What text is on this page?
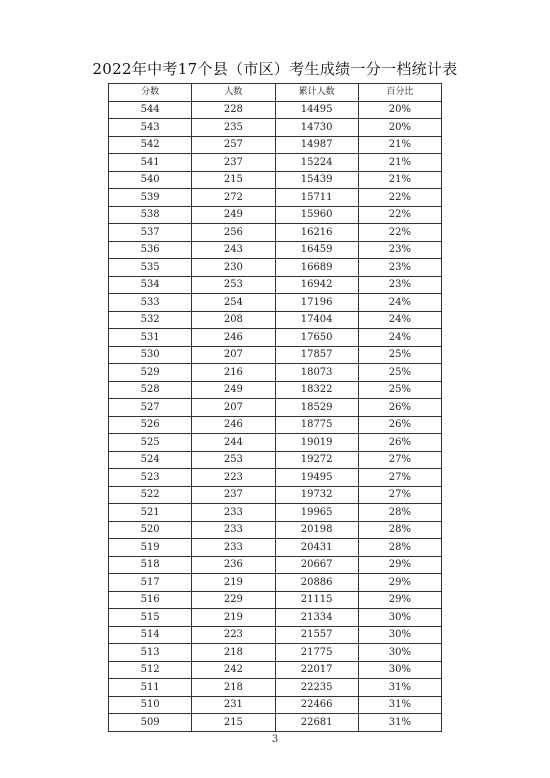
2022年中考17个县（市区）考生成绩一分一档统计表
分数	人数	累计人数	百分比
544	228	14495	20%
543	235	14730	20%
542	257	14987	21%
541	237	15224	21%
540	215	15439	21%
539	272	15711	22%
538	249	15960	22%
537	256	16216	22%
536	243	16459	23%
535	230	16689	23%
534	253	16942	23%
533	254	17196	24%
532	208	17404	24%
531	246	17650	24%
530	207	17857	25%
529	216	18073	25%
528	249	18322	25%
527	207	18529	26%
526	246	18775	26%
525	244	19019	26%
524	253	19272	27%
523	223	19495	27%
522	237	19732	27%
521	233	19965	28%
520	233	20198	28%
519	233	20431	28%
518	236	20667	29%
517	219	20886	29%
516	229	21115	29%
515	219	21334	30%
514	223	21557	30%
513	218	21775	30%
512	242	22017	30%
511	218	22235	31%
510	231	22466	31%
509	215	22681	31%
3
